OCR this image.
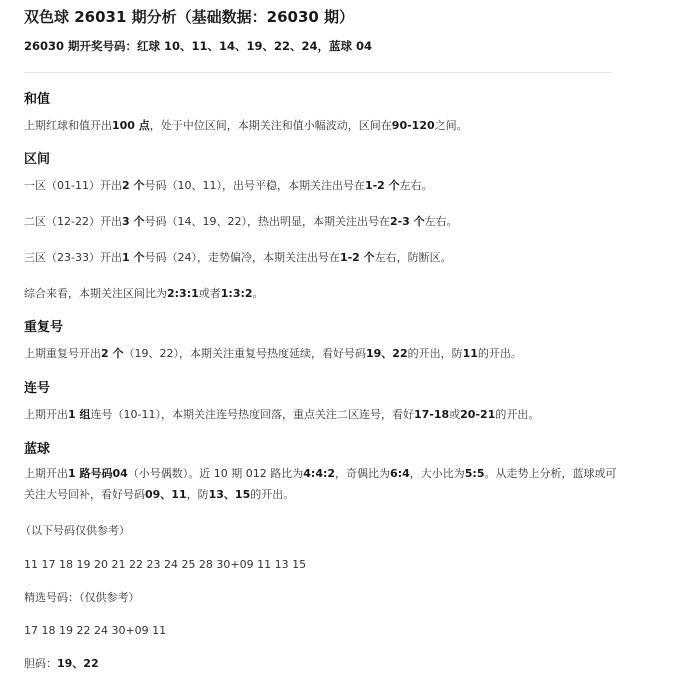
双色球 26031 期分析（基础数据：26030 期）
26030 期开奖号码：红球 10、11、14、19、22、24，蓝球 04
和值
上期红球和值开出100 点，处于中位区间，本期关注和值小幅波动，区间在90-120之间。
区间
一区（01-11）开出2 个号码（10、11），出号平稳，本期关注出号在1-2 个左右。
二区（12-22）开出3 个号码（14、19、22），热出明显，本期关注出号在2-3 个左右。
三区（23-33）开出1 个号码（24），走势偏冷，本期关注出号在1-2 个左右，防断区。
综合来看，本期关注区间比为2:3:1或者1:3:2。
重复号
上期重复号开出2 个（19、22），本期关注重复号热度延续，看好号码19、22的开出，防11的开出。
连号
上期开出1 组连号（10-11），本期关注连号热度回落，重点关注二区连号，看好17-18或20-21的开出。
蓝球
上期开出1 路号码04（小号偶数）。近 10 期 012 路比为4:4:2，奇偶比为6:4，大小比为5:5。从走势上分析，蓝球或可关注大号回补，看好号码09、11，防13、15的开出。
（以下号码仅供参考）
11 17 18 19 20 21 22 23 24 25 28 30+09 11 13 15
精选号码：（仅供参考）
17 18 19 22 24 30+09 11
胆码：19、22
